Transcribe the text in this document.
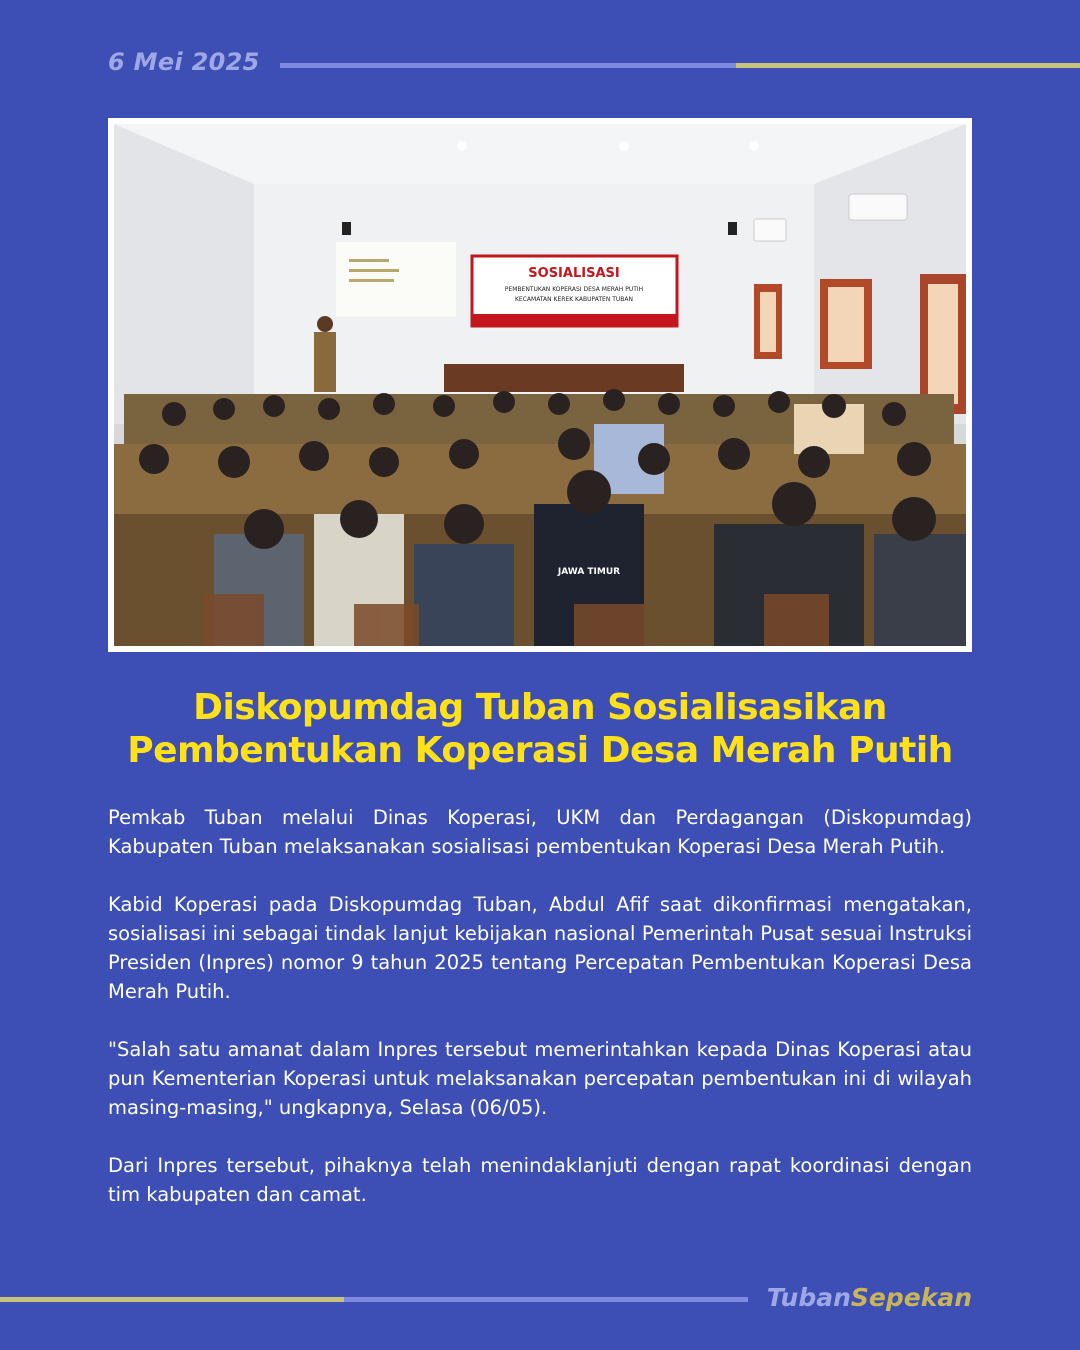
6 Mei 2025
SOSIALISASI
PEMBENTUKAN KOPERASI DESA MERAH PUTIH
KECAMATAN KEREK KABUPATEN TUBAN
JAWA TIMUR
Diskopumdag Tuban Sosialisasikan
Pembentukan Koperasi Desa Merah Putih

Pemkab Tuban melalui Dinas Koperasi, UKM dan Perdagangan (Diskopumdag) Kabupaten Tuban melaksanakan sosialisasi pembentukan Koperasi Desa Merah Putih.

Kabid Koperasi pada Diskopumdag Tuban, Abdul Afif saat dikonfirmasi mengatakan, sosialisasi ini sebagai tindak lanjut kebijakan nasional Pemerintah Pusat sesuai Instruksi Presiden (Inpres) nomor 9 tahun 2025 tentang Percepatan Pembentukan Koperasi Desa Merah Putih.

"Salah satu amanat dalam Inpres tersebut memerintahkan kepada Dinas Koperasi atau pun Kementerian Koperasi untuk melaksanakan percepatan pembentukan ini di wilayah masing-masing," ungkapnya, Selasa (06/05).

Dari Inpres tersebut, pihaknya telah menindaklanjuti dengan rapat koordinasi dengan tim kabupaten dan camat.

TubanSepekan
